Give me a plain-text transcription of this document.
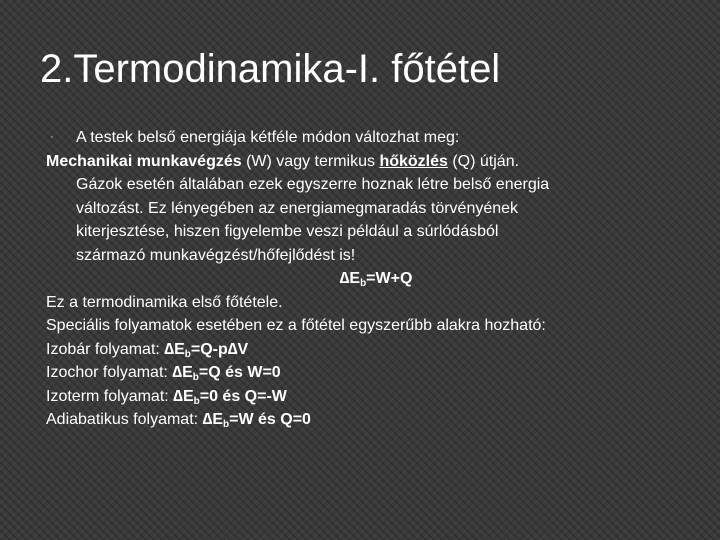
2.Termodinamika-I. főtétel
· A testek belső energiája kétféle módon változhat meg:
Mechanikai munkavégzés (W) vagy termikus hőközlés (Q) útján.
Gázok esetén általában ezek egyszerre hoznak létre belső energia
változást. Ez lényegében az energiamegmaradás törvényének
kiterjesztése, hiszen figyelembe veszi például a súrlódásból
származó munkavégzést/hőfejlődést is!
$\Delta E_b=W+Q$
Ez a termodinamika első főtétele.
Speciális folyamatok esetében ez a főtétel egyszerűbb alakra hozható:
Izobár folyamat: $\Delta E_b=Q-p\Delta V$
Izochor folyamat: $\Delta E_b=Q$ és W=0
Izoterm folyamat: $\Delta E_b=0$ és Q=-W
Adiabatikus folyamat: $\Delta E_b=W$ és Q=0
